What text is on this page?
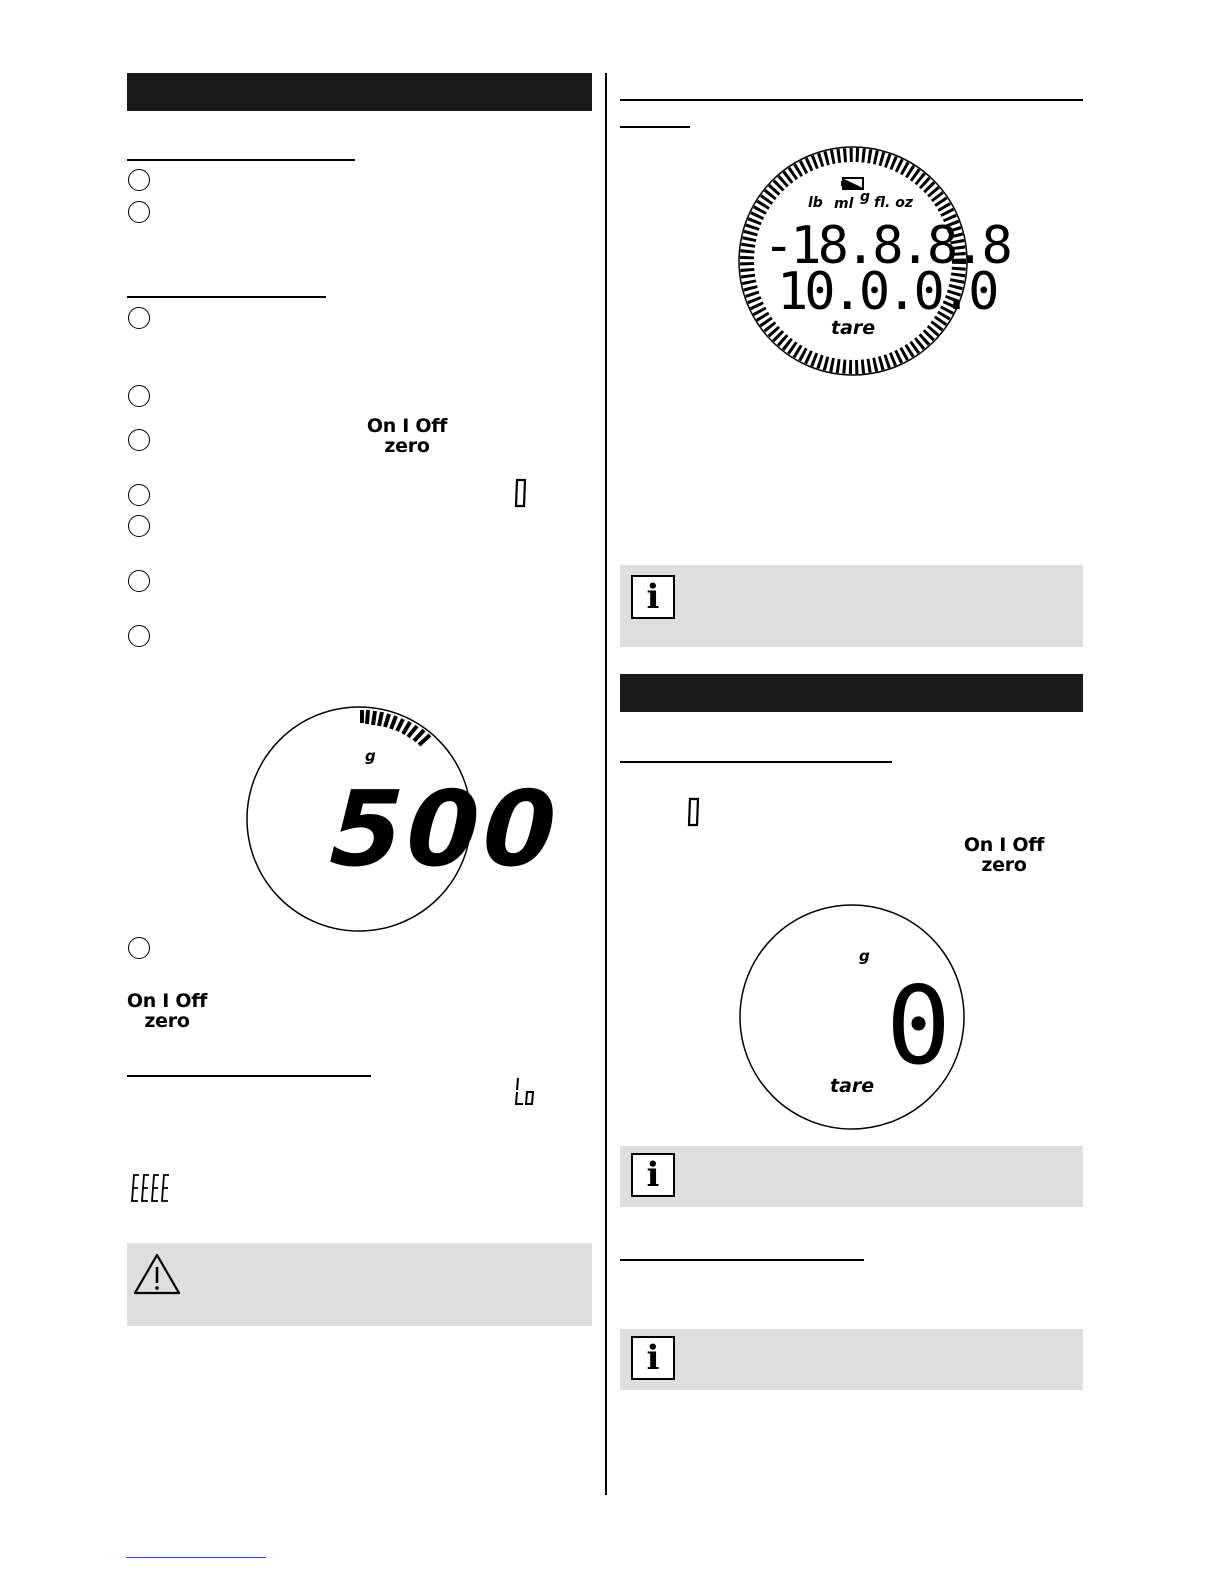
On I Off
zero
g
500
On I Off
zero
lb ml g fl. oz
-18.8.8.8
10.0.0.0
tare
i
On I Off
zero
g
0
tare
i
i
